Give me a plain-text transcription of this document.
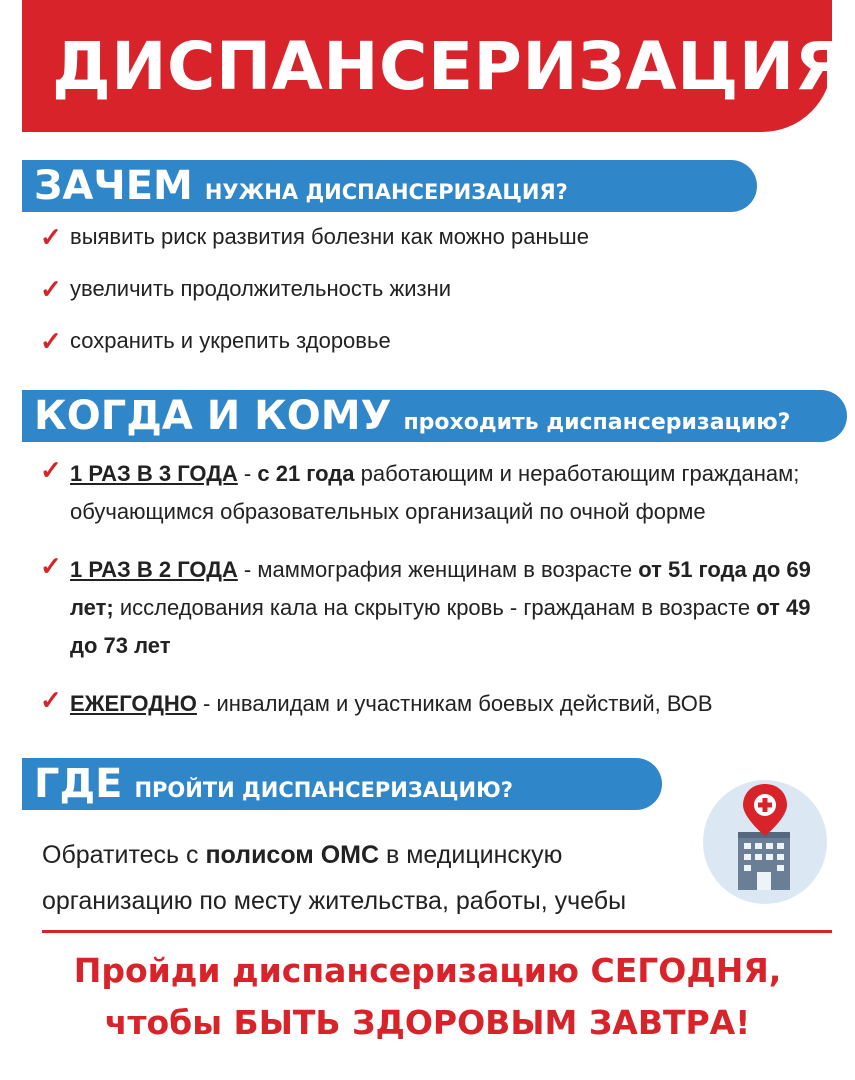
ДИСПАНСЕРИЗАЦИЯ
ЗАЧЕМ НУЖНА ДИСПАНСЕРИЗАЦИЯ?
✓ выявить риск развития болезни как можно раньше
✓ увеличить продолжительность жизни
✓ сохранить и укрепить здоровье
КОГДА И КОМУ проходить диспансеризацию?
✓ 1 РАЗ В 3 ГОДА - с 21 года работающим и неработающим гражданам; обучающимся образовательных организаций по очной форме
✓ 1 РАЗ В 2 ГОДА - маммография женщинам в возрасте от 51 года до 69 лет; исследования кала на скрытую кровь - гражданам в возрасте от 49 до 73 лет
✓ ЕЖЕГОДНО - инвалидам и участникам боевых действий, ВОВ
ГДЕ ПРОЙТИ ДИСПАНСЕРИЗАЦИЮ?
Обратитесь с полисом ОМС в медицинскую организацию по месту жительства, работы, учебы
Пройди диспансеризацию СЕГОДНЯ,
чтобы БЫТЬ ЗДОРОВЫМ ЗАВТРА!
